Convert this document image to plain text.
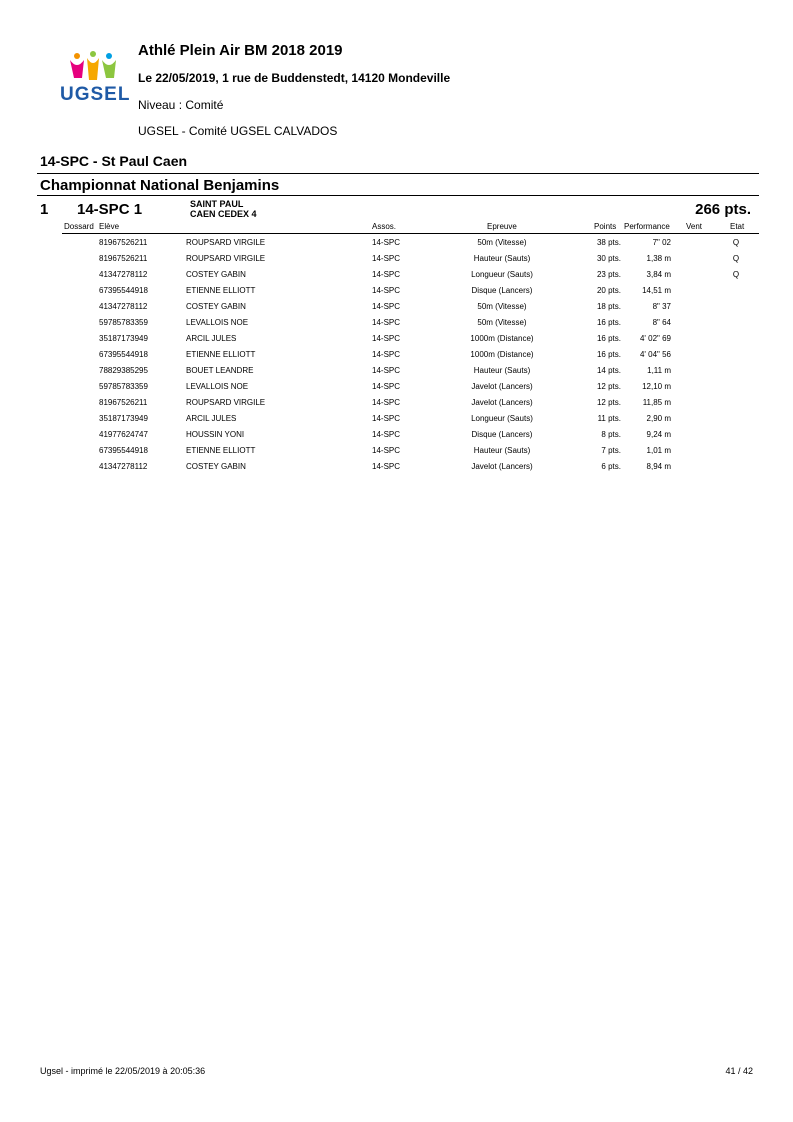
UGSEL
Athlé Plein Air BM 2018 2019
Le 22/05/2019, 1 rue de Buddenstedt, 14120 Mondeville
Niveau : Comité
UGSEL - Comité UGSEL CALVADOS
14-SPC - St Paul Caen
Championnat National Benjamins
1 14-SPC 1	SAINT PAUL
CAEN CEDEX 4	266 pts.
Dossard Elève	Assos.	Epreuve	Points Performance Vent	Etat
81967526211	ROUPSARD VIRGILE	14-SPC	50m (Vitesse)	38 pts.	7" 02	Q
81967526211	ROUPSARD VIRGILE	14-SPC	Hauteur (Sauts)	30 pts.	1,38 m	Q
41347278112	COSTEY GABIN	14-SPC	Longueur (Sauts)	23 pts.	3,84 m	Q
67395544918	ETIENNE ELLIOTT	14-SPC	Disque (Lancers)	20 pts.	14,51 m
41347278112	COSTEY GABIN	14-SPC	50m (Vitesse)	18 pts.	8" 37
59785783359	LEVALLOIS NOE	14-SPC	50m (Vitesse)	16 pts.	8" 64
35187173949	ARCIL JULES	14-SPC	1000m (Distance)	16 pts. 4' 02" 69
67395544918	ETIENNE ELLIOTT	14-SPC	1000m (Distance)	16 pts. 4' 04" 56
78829385295	BOUET LEANDRE	14-SPC	Hauteur (Sauts)	14 pts.	1,11 m
59785783359	LEVALLOIS NOE	14-SPC	Javelot (Lancers)	12 pts.	12,10 m
81967526211	ROUPSARD VIRGILE	14-SPC	Javelot (Lancers)	12 pts.	11,85 m
35187173949	ARCIL JULES	14-SPC	Longueur (Sauts)	11 pts.	2,90 m
41977624747	HOUSSIN YONI	14-SPC	Disque (Lancers)	8 pts.	9,24 m
67395544918	ETIENNE ELLIOTT	14-SPC	Hauteur (Sauts)	7 pts.	1,01 m
41347278112	COSTEY GABIN	14-SPC	Javelot (Lancers)	6 pts.	8,94 m
Ugsel - imprimé le 22/05/2019 à 20:05:36	41 / 42
